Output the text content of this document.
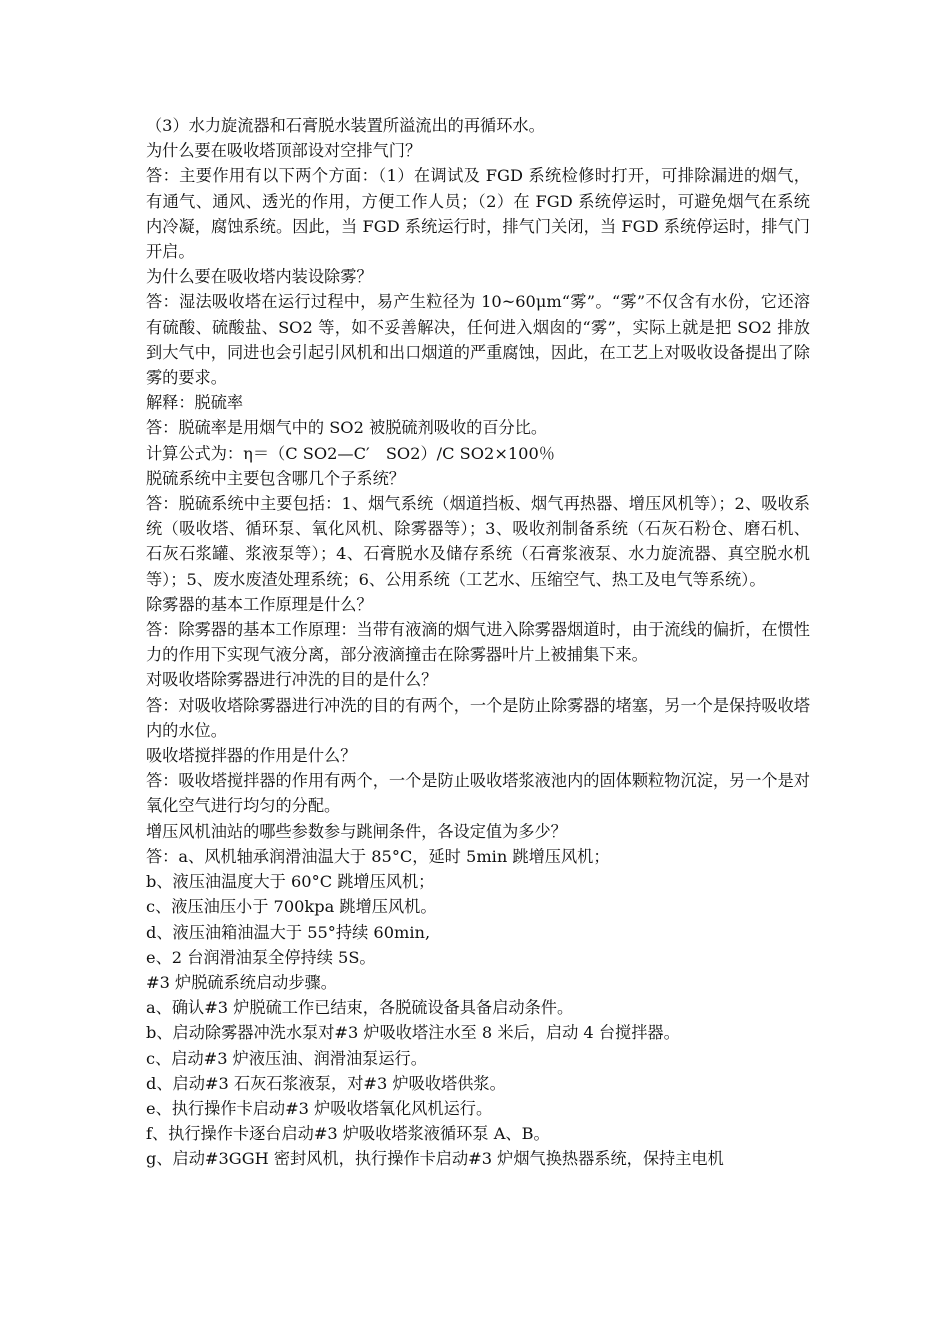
（3）水力旋流器和石膏脱水装置所溢流出的再循环水。

为什么要在吸收塔顶部设对空排气门？

答：主要作用有以下两个方面：（1）在调试及 FGD 系统检修时打开，可排除漏进的烟气，有通气、通风、透光的作用，方便工作人员；（2）在 FGD 系统停运时，可避免烟气在系统内冷凝，腐蚀系统。因此，当 FGD 系统运行时，排气门关闭，当 FGD 系统停运时，排气门开启。

为什么要在吸收塔内装设除雾？

答：湿法吸收塔在运行过程中，易产生粒径为 10~60μm“雾”。“雾”不仅含有水份，它还溶有硫酸、硫酸盐、SO2 等，如不妥善解决，任何进入烟囱的“雾”，实际上就是把 SO2 排放到大气中，同进也会引起引风机和出口烟道的严重腐蚀，因此，在工艺上对吸收设备提出了除雾的要求。

解释：脱硫率

答：脱硫率是用烟气中的 SO2 被脱硫剂吸收的百分比。

计算公式为：η＝（C SO2—C′　SO2）/C SO2×100％

脱硫系统中主要包含哪几个子系统？

答：脱硫系统中主要包括：1、烟气系统（烟道挡板、烟气再热器、增压风机等）；2、吸收系统（吸收塔、循环泵、氧化风机、除雾器等）；3、吸收剂制备系统（石灰石粉仓、磨石机、石灰石浆罐、浆液泵等）；4、石膏脱水及储存系统（石膏浆液泵、水力旋流器、真空脱水机等）；5、废水废渣处理系统；6、公用系统（工艺水、压缩空气、热工及电气等系统）。

除雾器的基本工作原理是什么？

答：除雾器的基本工作原理：当带有液滴的烟气进入除雾器烟道时，由于流线的偏折，在惯性力的作用下实现气液分离，部分液滴撞击在除雾器叶片上被捕集下来。

对吸收塔除雾器进行冲洗的目的是什么？

答：对吸收塔除雾器进行冲洗的目的有两个，一个是防止除雾器的堵塞，另一个是保持吸收塔内的水位。

吸收塔搅拌器的作用是什么？

答：吸收塔搅拌器的作用有两个，一个是防止吸收塔浆液池内的固体颗粒物沉淀，另一个是对氧化空气进行均匀的分配。

增压风机油站的哪些参数参与跳闸条件，各设定值为多少？

答：a、风机轴承润滑油温大于 85°C，延时 5min 跳增压风机；

b、液压油温度大于 60°C 跳增压风机；

c、液压油压小于 700kpa 跳增压风机。

d、液压油箱油温大于 55°持续 60min,

e、2 台润滑油泵全停持续 5S。

#3 炉脱硫系统启动步骤。

a、确认#3 炉脱硫工作已结束，各脱硫设备具备启动条件。

b、启动除雾器冲洗水泵对#3 炉吸收塔注水至 8 米后，启动 4 台搅拌器。

c、启动#3 炉液压油、润滑油泵运行。

d、启动#3 石灰石浆液泵，对#3 炉吸收塔供浆。

e、执行操作卡启动#3 炉吸收塔氧化风机运行。

f、执行操作卡逐台启动#3 炉吸收塔浆液循环泵 A、B。

g、启动#3GGH 密封风机，执行操作卡启动#3 炉烟气换热器系统，保持主电机
